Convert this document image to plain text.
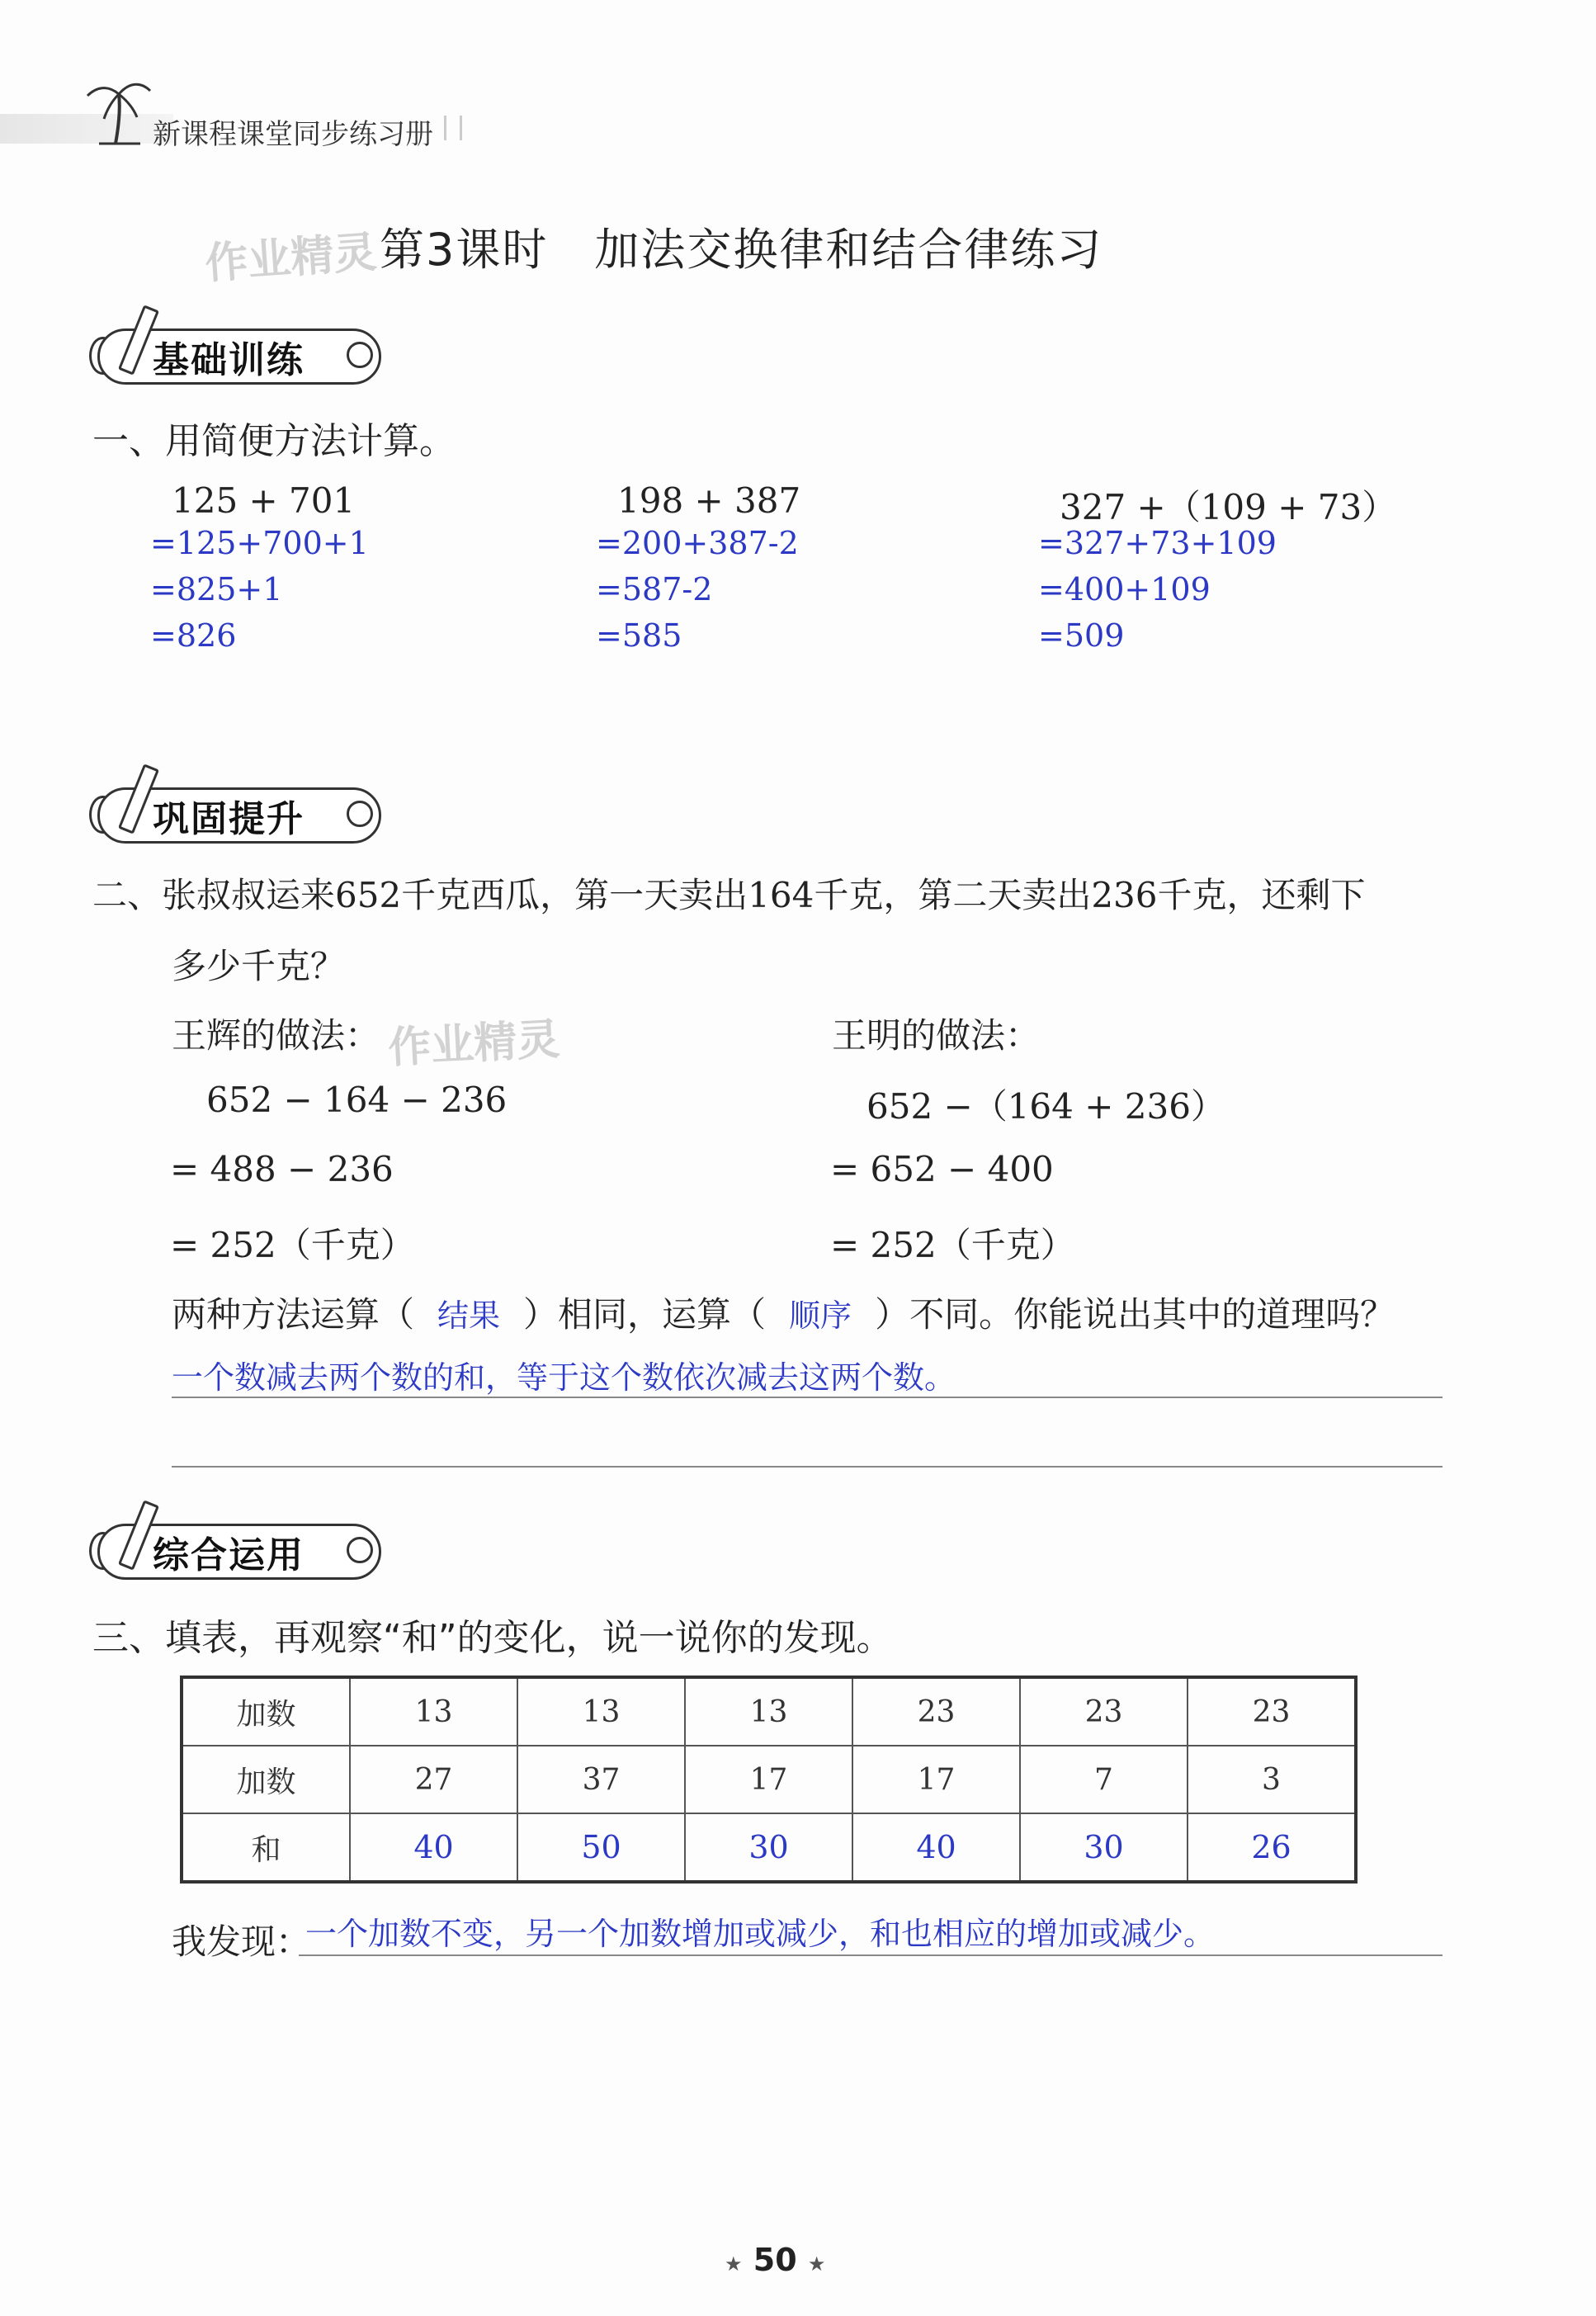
新课程课堂同步练习册
作业精灵 第3课时　加法交换律和结合律练习
基础训练
一、用简便方法计算。
125 + 701
=125+700+1
=825+1
=826
198 + 387
=200+387-2
=587-2
=585
327 +（109 + 73）
=327+73+109
=400+109
=509
巩固提升
二、张叔叔运来652千克西瓜，第一天卖出164千克，第二天卖出236千克，还剩下
多少千克？
王辉的做法： 作业精灵
652 − 164 − 236
= 488 − 236
= 252（千克）
王明的做法：
652 −（164 + 236）
= 652 − 400
= 252（千克）
两种方法运算（ 结果 ）相同，运算（ 顺序 ）不同。你能说出其中的道理吗？
一个数减去两个数的和，等于这个数依次减去这两个数。
综合运用
三、填表，再观察“和”的变化，说一说你的发现。
加数	13	13	13	23	23	23
加数	27	37	17	17	7	3
和	40	50	30	40	30	26
我发现：
一个加数不变，另一个加数增加或减少，和也相应的增加或减少。
★ 50 ★
